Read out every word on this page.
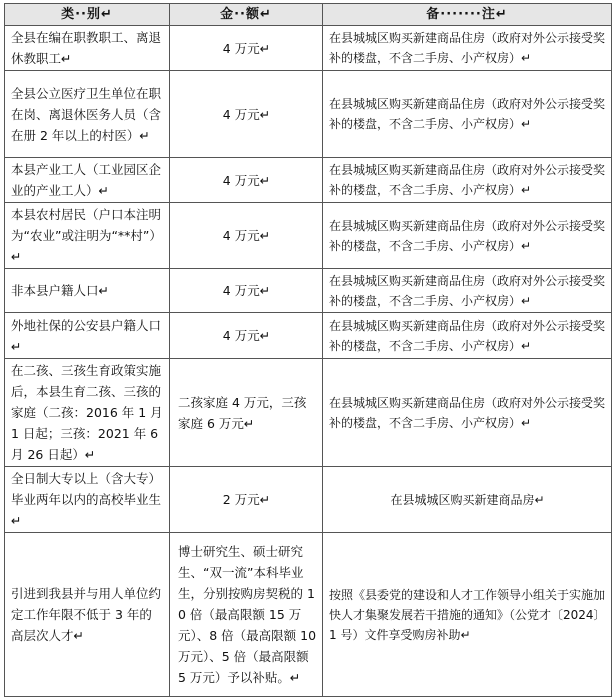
类··别↵	金··额↵	备·······注↵
全县在编在职教职工、离退休教职工↵	4 万元↵	在县城城区购买新建商品住房（政府对外公示接受奖补的楼盘，不含二手房、小产权房）↵
全县公立医疗卫生单位在职在岗、离退休医务人员（含在册 2 年以上的村医）↵	4 万元↵	在县城城区购买新建商品住房（政府对外公示接受奖补的楼盘，不含二手房、小产权房）↵
本县产业工人（工业园区企业的产业工人）↵	4 万元↵	在县城城区购买新建商品住房（政府对外公示接受奖补的楼盘，不含二手房、小产权房）↵
本县农村居民（户口本注明为“农业”或注明为“**村”）↵	4 万元↵	在县城城区购买新建商品住房（政府对外公示接受奖补的楼盘，不含二手房、小产权房）↵
非本县户籍人口↵	4 万元↵	在县城城区购买新建商品住房（政府对外公示接受奖补的楼盘，不含二手房、小产权房）↵
外地社保的公安县户籍人口↵	4 万元↵	在县城城区购买新建商品住房（政府对外公示接受奖补的楼盘，不含二手房、小产权房）↵
在二孩、三孩生育政策实施后，本县生育二孩、三孩的家庭（二孩：2016 年 1 月 1 日起；三孩：2021 年 6 月 26 日起）↵	二孩家庭 4 万元，三孩家庭 6 万元↵	在县城城区购买新建商品住房（政府对外公示接受奖补的楼盘，不含二手房、小产权房）↵
全日制大专以上（含大专）毕业两年以内的高校毕业生↵	2 万元↵	在县城城区购买新建商品房↵
引进到我县并与用人单位约定工作年限不低于 3 年的高层次人才↵	博士研究生、硕士研究生、“双一流”本科毕业生，分别按购房契税的 10 倍（最高限额 15 万元）、8 倍（最高限额 10 万元）、5 倍（最高限额 5 万元）予以补贴。↵	按照《县委党的建设和人才工作领导小组关于实施加快人才集聚发展若干措施的通知》（公党才〔2024〕1 号）文件享受购房补助↵
